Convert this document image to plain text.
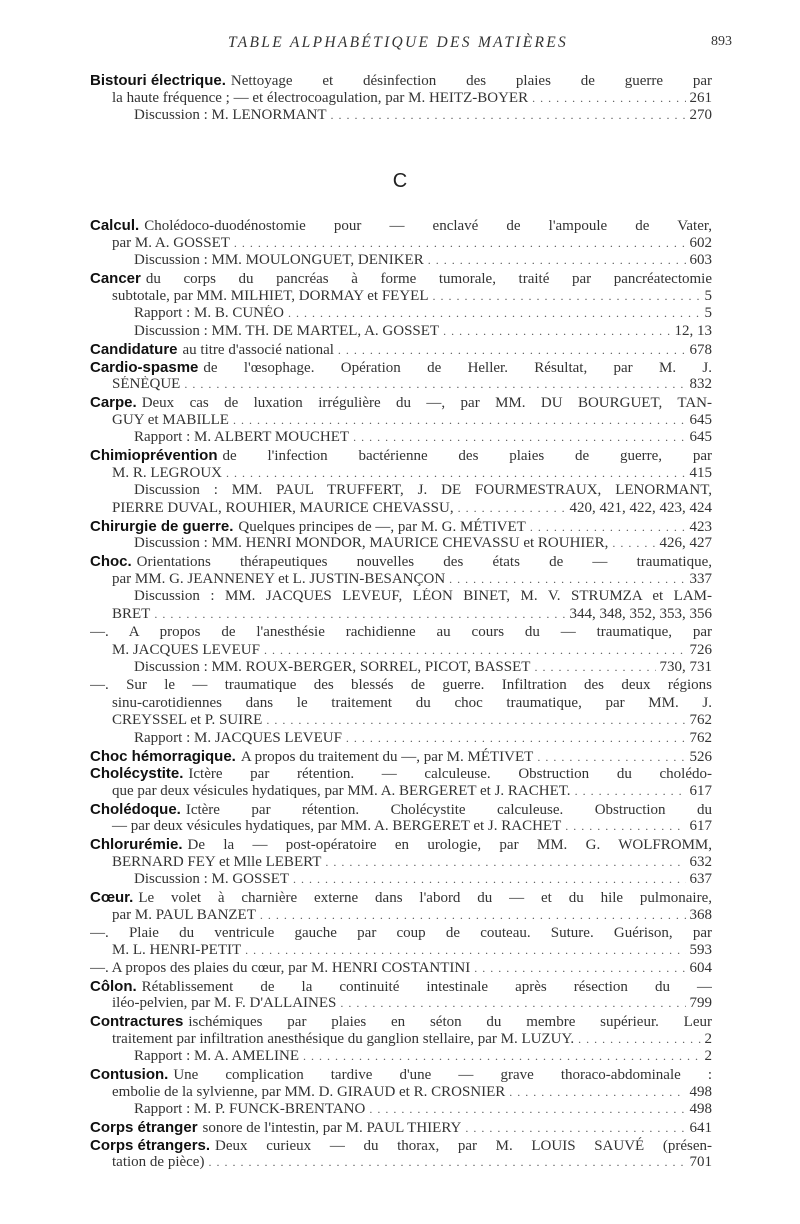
TABLE ALPHABÉTIQUE DES MATIÈRES	893
Bistouri électrique. Nettoyage et désinfection des plaies de guerre par
la haute fréquence ; — et électrocoagulation, par M. HEITZ-BOYER . . .	261
Discussion : M. LENORMANT . . .	270
C
Calcul. Cholédoco-duodénostomie pour — enclavé de l'ampoule de Vater,
par M. A. GOSSET . . .	602
Discussion : MM. MOULONGUET, DENIKER . . .	603
Cancer du corps du pancréas à forme tumorale, traité par pancréatectomie
subtotale, par MM. MILHIET, DORMAY et FEYEL . . .	5
Rapport : M. B. CUNÉO . . .	5
Discussion : MM. TH. DE MARTEL, A. GOSSET . . .	12, 13
Candidature au titre d'associé national . . .	678
Cardio-spasme de l'œsophage. Opération de Heller. Résultat, par M. J.
SÉNÈQUE . . .	832
Carpe. Deux cas de luxation irrégulière du —, par MM. DU BOURGUET, TAN-
GUY et MABILLE . . .	645
Rapport : M. ALBERT MOUCHET . . .	645
Chimioprévention de l'infection bactérienne des plaies de guerre, par
M. R. LEGROUX . . .	415
Discussion : MM. PAUL TRUFFERT, J. DE FOURMESTRAUX, LENORMANT,
PIERRE DUVAL, ROUHIER, MAURICE CHEVASSU, . . .	420, 421, 422, 423, 424
Chirurgie de guerre. Quelques principes de —, par M. G. MÉTIVET . . .	423
Discussion : MM. HENRI MONDOR, MAURICE CHEVASSU et ROUHIER, . . .	426, 427
Choc. Orientations thérapeutiques nouvelles des états de — traumatique,
par MM. G. JEANNENEY et L. JUSTIN-BESANÇON . . .	337
Discussion : MM. JACQUES LEVEUF, LÉON BINET, M. V. STRUMZA et LAM-
BRET . . .	344, 348, 352, 353, 356
—. A propos de l'anesthésie rachidienne au cours du — traumatique, par
M. JACQUES LEVEUF . . .	726
Discussion : MM. ROUX-BERGER, SORREL, PICOT, BASSET . . .	730, 731
—. Sur le — traumatique des blessés de guerre. Infiltration des deux régions
sinu-carotidiennes dans le traitement du choc traumatique, par MM. J.
CREYSSEL et P. SUIRE . . .	762
Rapport : M. JACQUES LEVEUF . . .	762
Choc hémorragique. A propos du traitement du —, par M. MÉTIVET . . .	526
Cholécystite. Ictère par rétention. — calculeuse. Obstruction du cholédo-
que par deux vésicules hydatiques, par MM. A. BERGERET et J. RACHET. . . .	617
Cholédoque. Ictère par rétention. Cholécystite calculeuse. Obstruction du
— par deux vésicules hydatiques, par MM. A. BERGERET et J. RACHET . . .	617
Chlorurémie. De la — post-opératoire en urologie, par MM. G. WOLFROMM,
BERNARD FEY et Mlle LEBERT . . .	632
Discussion : M. GOSSET . . .	637
Cœur. Le volet à charnière externe dans l'abord du — et du hile pulmonaire,
par M. PAUL BANZET . . .	368
—. Plaie du ventricule gauche par coup de couteau. Suture. Guérison, par
M. L. HENRI-PETIT . . .	593
—. A propos des plaies du cœur, par M. HENRI COSTANTINI . . .	604
Côlon. Rétablissement de la continuité intestinale après résection du —
iléo-pelvien, par M. F. D'ALLAINES . . .	799
Contractures ischémiques par plaies en séton du membre supérieur. Leur
traitement par infiltration anesthésique du ganglion stellaire, par M. LUZUY. . . .	2
Rapport : M. A. AMELINE . . .	2
Contusion. Une complication tardive d'une — grave thoraco-abdominale :
embolie de la sylvienne, par MM. D. GIRAUD et R. CROSNIER . . .	498
Rapport : M. P. FUNCK-BRENTANO . . .	498
Corps étranger sonore de l'intestin, par M. PAUL THIERY . . .	641
Corps étrangers. Deux curieux — du thorax, par M. LOUIS SAUVÉ (présen-
tation de pièce) . . .	701
